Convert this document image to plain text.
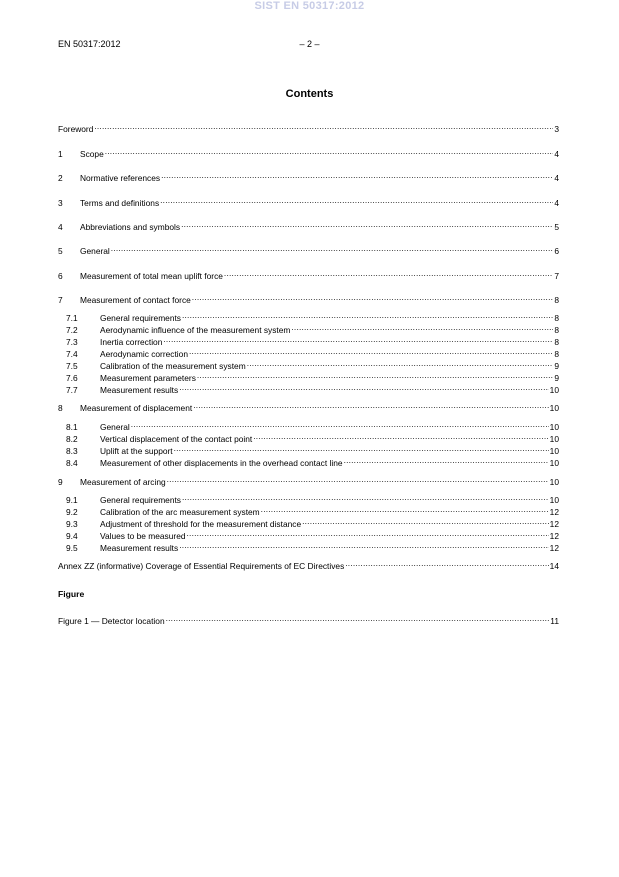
SIST EN 50317:2012
EN 50317:2012	– 2 –
Contents
Foreword .....	3
1	Scope .....	4
2	Normative references .....	4
3	Terms and definitions .....	4
4	Abbreviations and symbols .....	5
5	General .....	6
6	Measurement of total mean uplift force .....	7
7	Measurement of contact force .....	8
7.1	General requirements .....	8
7.2	Aerodynamic influence of the measurement system .....	8
7.3	Inertia correction .....	8
7.4	Aerodynamic correction .....	8
7.5	Calibration of the measurement system .....	9
7.6	Measurement parameters .....	9
7.7	Measurement results .....	10
8	Measurement of displacement .....	10
8.1	General .....	10
8.2	Vertical displacement of the contact point .....	10
8.3	Uplift at the support .....	10
8.4	Measurement of other displacements in the overhead contact line .....	10
9	Measurement of arcing .....	10
9.1	General requirements .....	10
9.2	Calibration of the arc measurement system .....	12
9.3	Adjustment of threshold for the measurement distance .....	12
9.4	Values to be measured .....	12
9.5	Measurement results .....	12
Annex ZZ (informative) Coverage of Essential Requirements of EC Directives .....	14
Figure
Figure 1 — Detector location .....	11
